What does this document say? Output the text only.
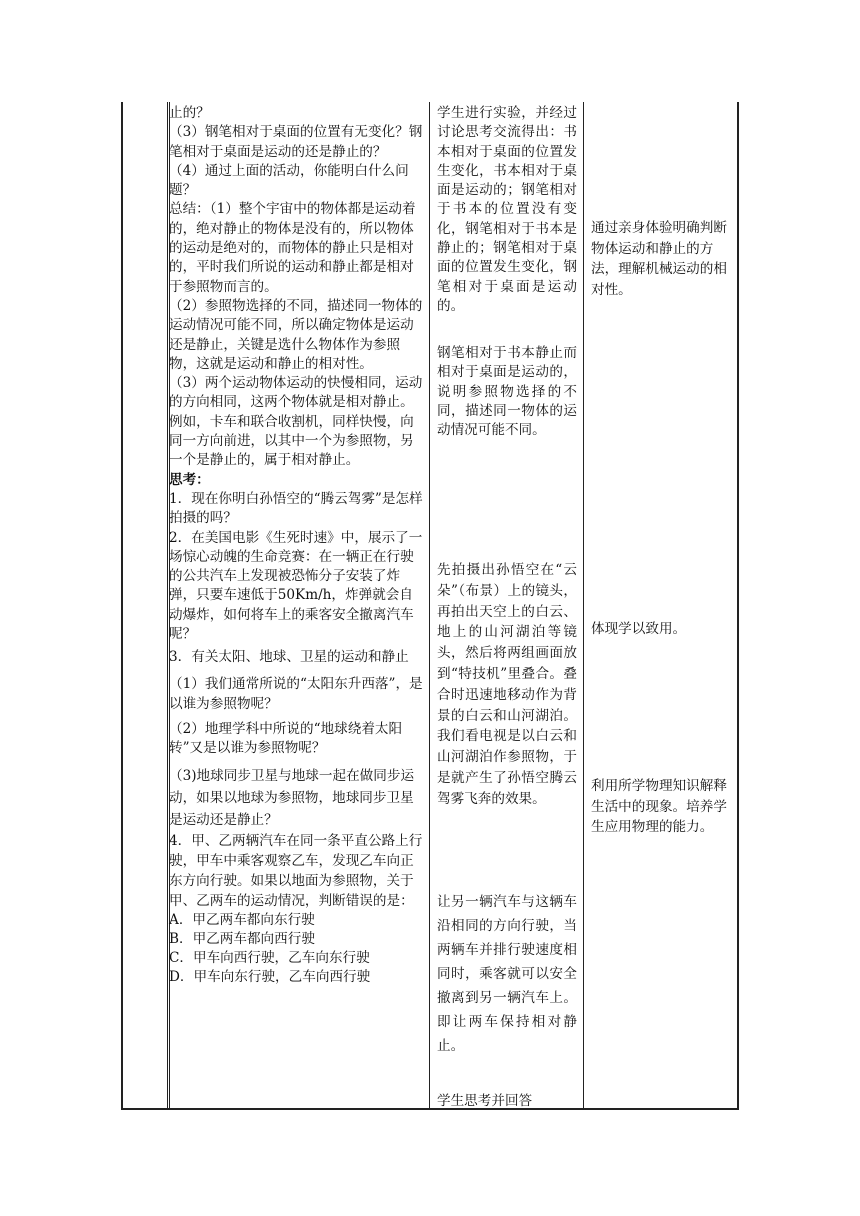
止的？

（3）钢笔相对于桌面的位置有无变化？钢笔相对于桌面是运动的还是静止的？

（4）通过上面的活动，你能明白什么问题？

总结：（1）整个宇宙中的物体都是运动着的，绝对静止的物体是没有的，所以物体的运动是绝对的，而物体的静止只是相对的，平时我们所说的运动和静止都是相对于参照物而言的。

（2）参照物选择的不同，描述同一物体的运动情况可能不同，所以确定物体是运动还是静止，关键是选什么物体作为参照物，这就是运动和静止的相对性。

（3）两个运动物体运动的快慢相同，运动的方向相同，这两个物体就是相对静止。例如，卡车和联合收割机，同样快慢，向同一方向前进，以其中一个为参照物，另一个是静止的，属于相对静止。

思考：

1．现在你明白孙悟空的“腾云驾雾”是怎样拍摄的吗？

2．在美国电影《生死时速》中，展示了一场惊心动魄的生命竞赛：在一辆正在行驶的公共汽车上发现被恐怖分子安装了炸弹，只要车速低于50Km/h，炸弹就会自动爆炸，如何将车上的乘客安全撤离汽车呢？

3．有关太阳、地球、卫星的运动和静止

（1）我们通常所说的“太阳东升西落”，是以谁为参照物呢？

（2）地理学科中所说的“地球绕着太阳转”又是以谁为参照物呢？

（3)地球同步卫星与地球一起在做同步运动，如果以地球为参照物，地球同步卫星是运动还是静止？

4．甲、乙两辆汽车在同一条平直公路上行驶，甲车中乘客观察乙车，发现乙车向正东方向行驶。如果以地面为参照物，关于甲、乙两车的运动情况，判断错误的是：

A．甲乙两车都向东行驶

B．甲乙两车都向西行驶

C．甲车向西行驶，乙车向东行驶

D．甲车向东行驶，乙车向西行驶

学生进行实验，并经过讨论思考交流得出：书本相对于桌面的位置发生变化，书本相对于桌面是运动的；钢笔相对于书本的位置没有变化，钢笔相对于书本是静止的；钢笔相对于桌面的位置发生变化，钢笔相对于桌面是运动的。

钢笔相对于书本静止而相对于桌面是运动的，说明参照物选择的不同，描述同一物体的运动情况可能不同。

先拍摄出孙悟空在“云朵”（布景）上的镜头，再拍出天空上的白云、地上的山河湖泊等镜头，然后将两组画面放到“特技机”里叠合。叠合时迅速地移动作为背景的白云和山河湖泊。我们看电视是以白云和山河湖泊作参照物，于是就产生了孙悟空腾云驾雾飞奔的效果。

让另一辆汽车与这辆车沿相同的方向行驶，当两辆车并排行驶速度相同时，乘客就可以安全撤离到另一辆汽车上。即让两车保持相对静止。

学生思考并回答

通过亲身体验明确判断物体运动和静止的方法，理解机械运动的相对性。

体现学以致用。

利用所学物理知识解释生活中的现象。培养学生应用物理的能力。
